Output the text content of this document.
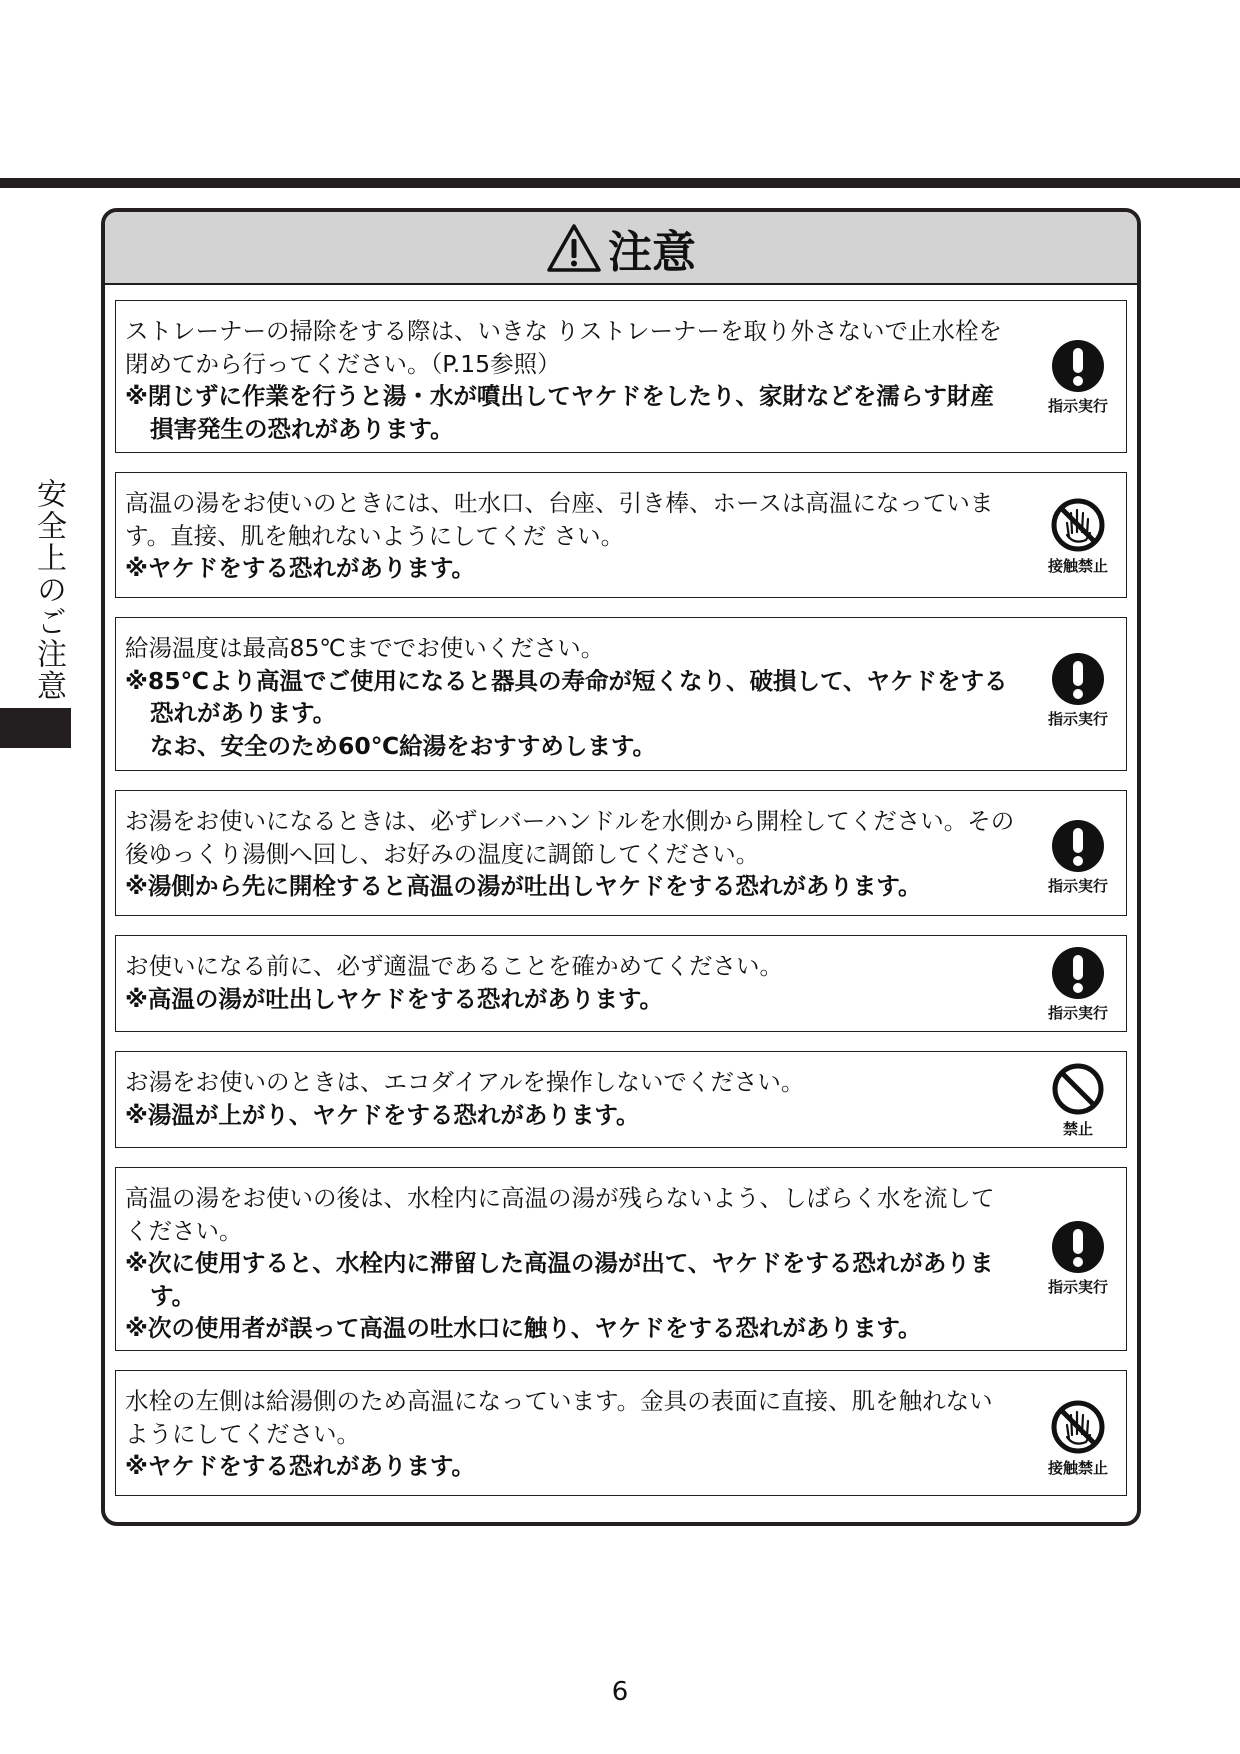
安全上のご注意
注意

ストレーナーの掃除をする際は、いきな りストレーナーを取り外さないで止水栓を閉めてから行ってください。（P.15参照）

※閉じずに作業を行うと湯・水が噴出してヤケドをしたり、家財などを濡らす財産損害発生の恐れがあります。

指示実行

高温の湯をお使いのときには、吐水口、台座、引き棒、ホースは高温になっています。直接、肌を触れないようにしてくだ さい。

※ヤケドをする恐れがあります。	接触禁止

給湯温度は最高85℃まででお使いください。

※85℃より高温でご使用になると器具の寿命が短くなり、破損して、ヤケドをする恐れがあります。

なお、安全のため60℃給湯をおすすめします。

指示実行

お湯をお使いになるときは、必ずレバーハンドルを水側から開栓してください。その後ゆっくり湯側へ回し、お好みの温度に調節してください。

※湯側から先に開栓すると高温の湯が吐出しヤケドをする恐れがあります。	指示実行

お使いになる前に、必ず適温であることを確かめてください。

※高温の湯が吐出しヤケドをする恐れがあります。

指示実行

お湯をお使いのときは、エコダイアルを操作しないでください。

※湯温が上がり、ヤケドをする恐れがあります。

禁止

高温の湯をお使いの後は、水栓内に高温の湯が残らないよう、しばらく水を流してください。

※次に使用すると、水栓内に滞留した高温の湯が出て、ヤケドをする恐れがあります。

※次の使用者が誤って高温の吐水口に触り、ヤケドをする恐れがあります。

指示実行

水栓の左側は給湯側のため高温になっています。金具の表面に直接、肌を触れないようにしてください。

※ヤケドをする恐れがあります。	接触禁止
6
